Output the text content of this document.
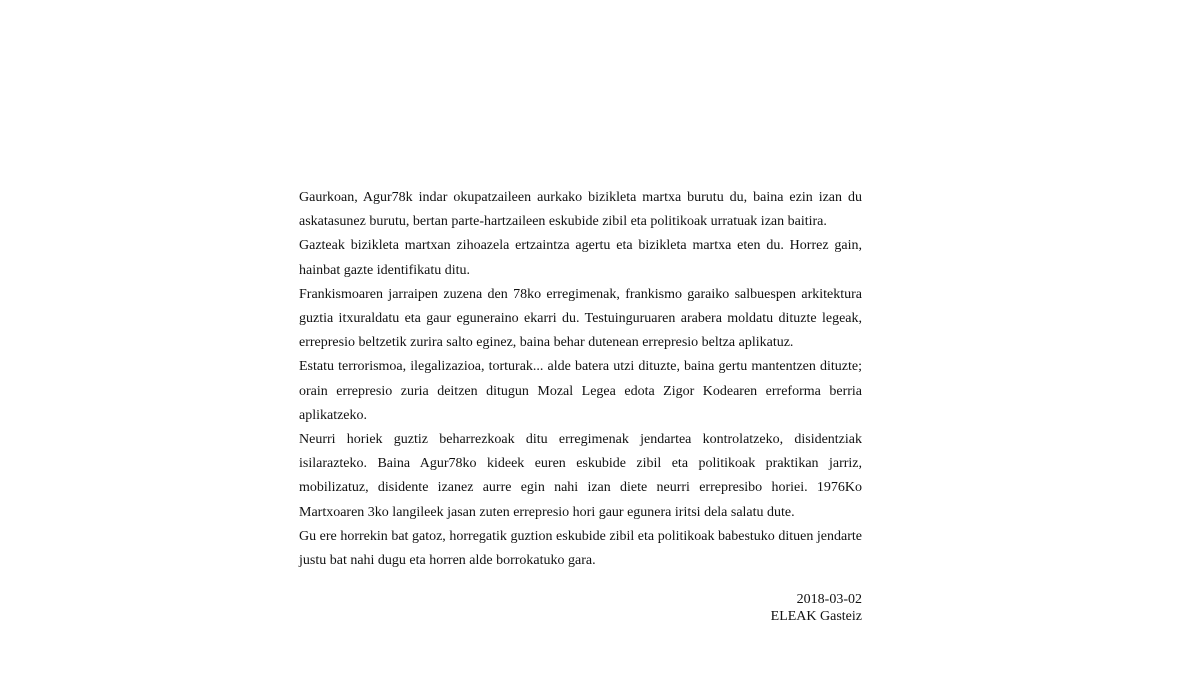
Gaurkoan, Agur78k indar okupatzaileen aurkako bizikleta martxa burutu du, baina ezin izan du askatasunez burutu, bertan parte-hartzaileen eskubide zibil eta politikoak urratuak izan baitira.

Gazteak bizikleta martxan zihoazela ertzaintza agertu eta bizikleta martxa eten du. Horrez gain, hainbat gazte identifikatu ditu.

Frankismoaren jarraipen zuzena den 78ko erregimenak, frankismo garaiko salbuespen arkitektura guztia itxuraldatu eta gaur eguneraino ekarri du. Testuinguruaren arabera moldatu dituzte legeak, errepresio beltzetik zurira salto eginez, baina behar dutenean errepresio beltza aplikatuz.

Estatu terrorismoa, ilegalizazioa, torturak... alde batera utzi dituzte, baina gertu mantentzen dituzte; orain errepresio zuria deitzen ditugun Mozal Legea edota Zigor Kodearen erreforma berria aplikatzeko.

Neurri horiek guztiz beharrezkoak ditu erregimenak jendartea kontrolatzeko, disidentziak isilarazteko. Baina Agur78ko kideek euren eskubide zibil eta politikoak praktikan jarriz, mobilizatuz, disidente izanez aurre egin nahi izan diete neurri errepresibo horiei. 1976Ko Martxoaren 3ko langileek jasan zuten errepresio hori gaur egunera iritsi dela salatu dute.

Gu ere horrekin bat gatoz, horregatik guztion eskubide zibil eta politikoak babestuko dituen jendarte justu bat nahi dugu eta horren alde borrokatuko gara.

2018-03-02
ELEAK Gasteiz
